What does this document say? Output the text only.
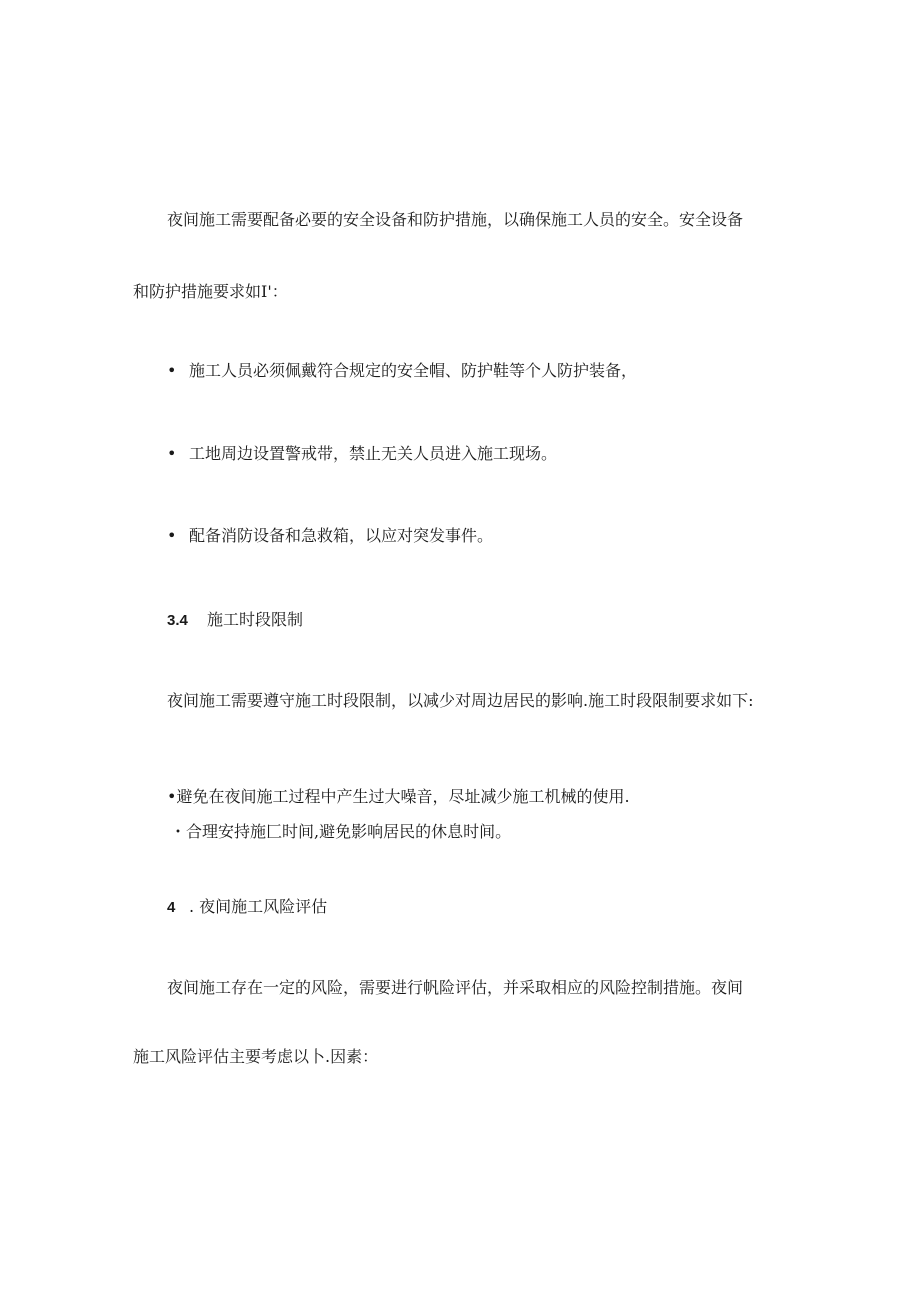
夜间施工需要配备必要的安全设备和防护措施，以确保施工人员的安全。安全设备
和防护措施要求如I'：
• 施工人员必须佩戴符合规定的安全帽、防护鞋等个人防护装备，
• 工地周边设置警戒带，禁止无关人员进入施工现场。
• 配备消防设备和急救箱，以应对突发事件。
3.4 施工时段限制
夜间施工需要遵守施工时段限制，以减少对周边居民的影响.施工时段限制要求如下:
•避免在夜间施工过程中产生过大噪音，尽址减少施工机械的使用.
・合理安持施匚时间,避免影响居民的休息时间。
4 . 夜间施工风险评估
夜间施工存在一定的风险，需要进行帆险评估，并采取相应的风险控制措施。夜间
施工风险评估主要考虑以卜.因素：
